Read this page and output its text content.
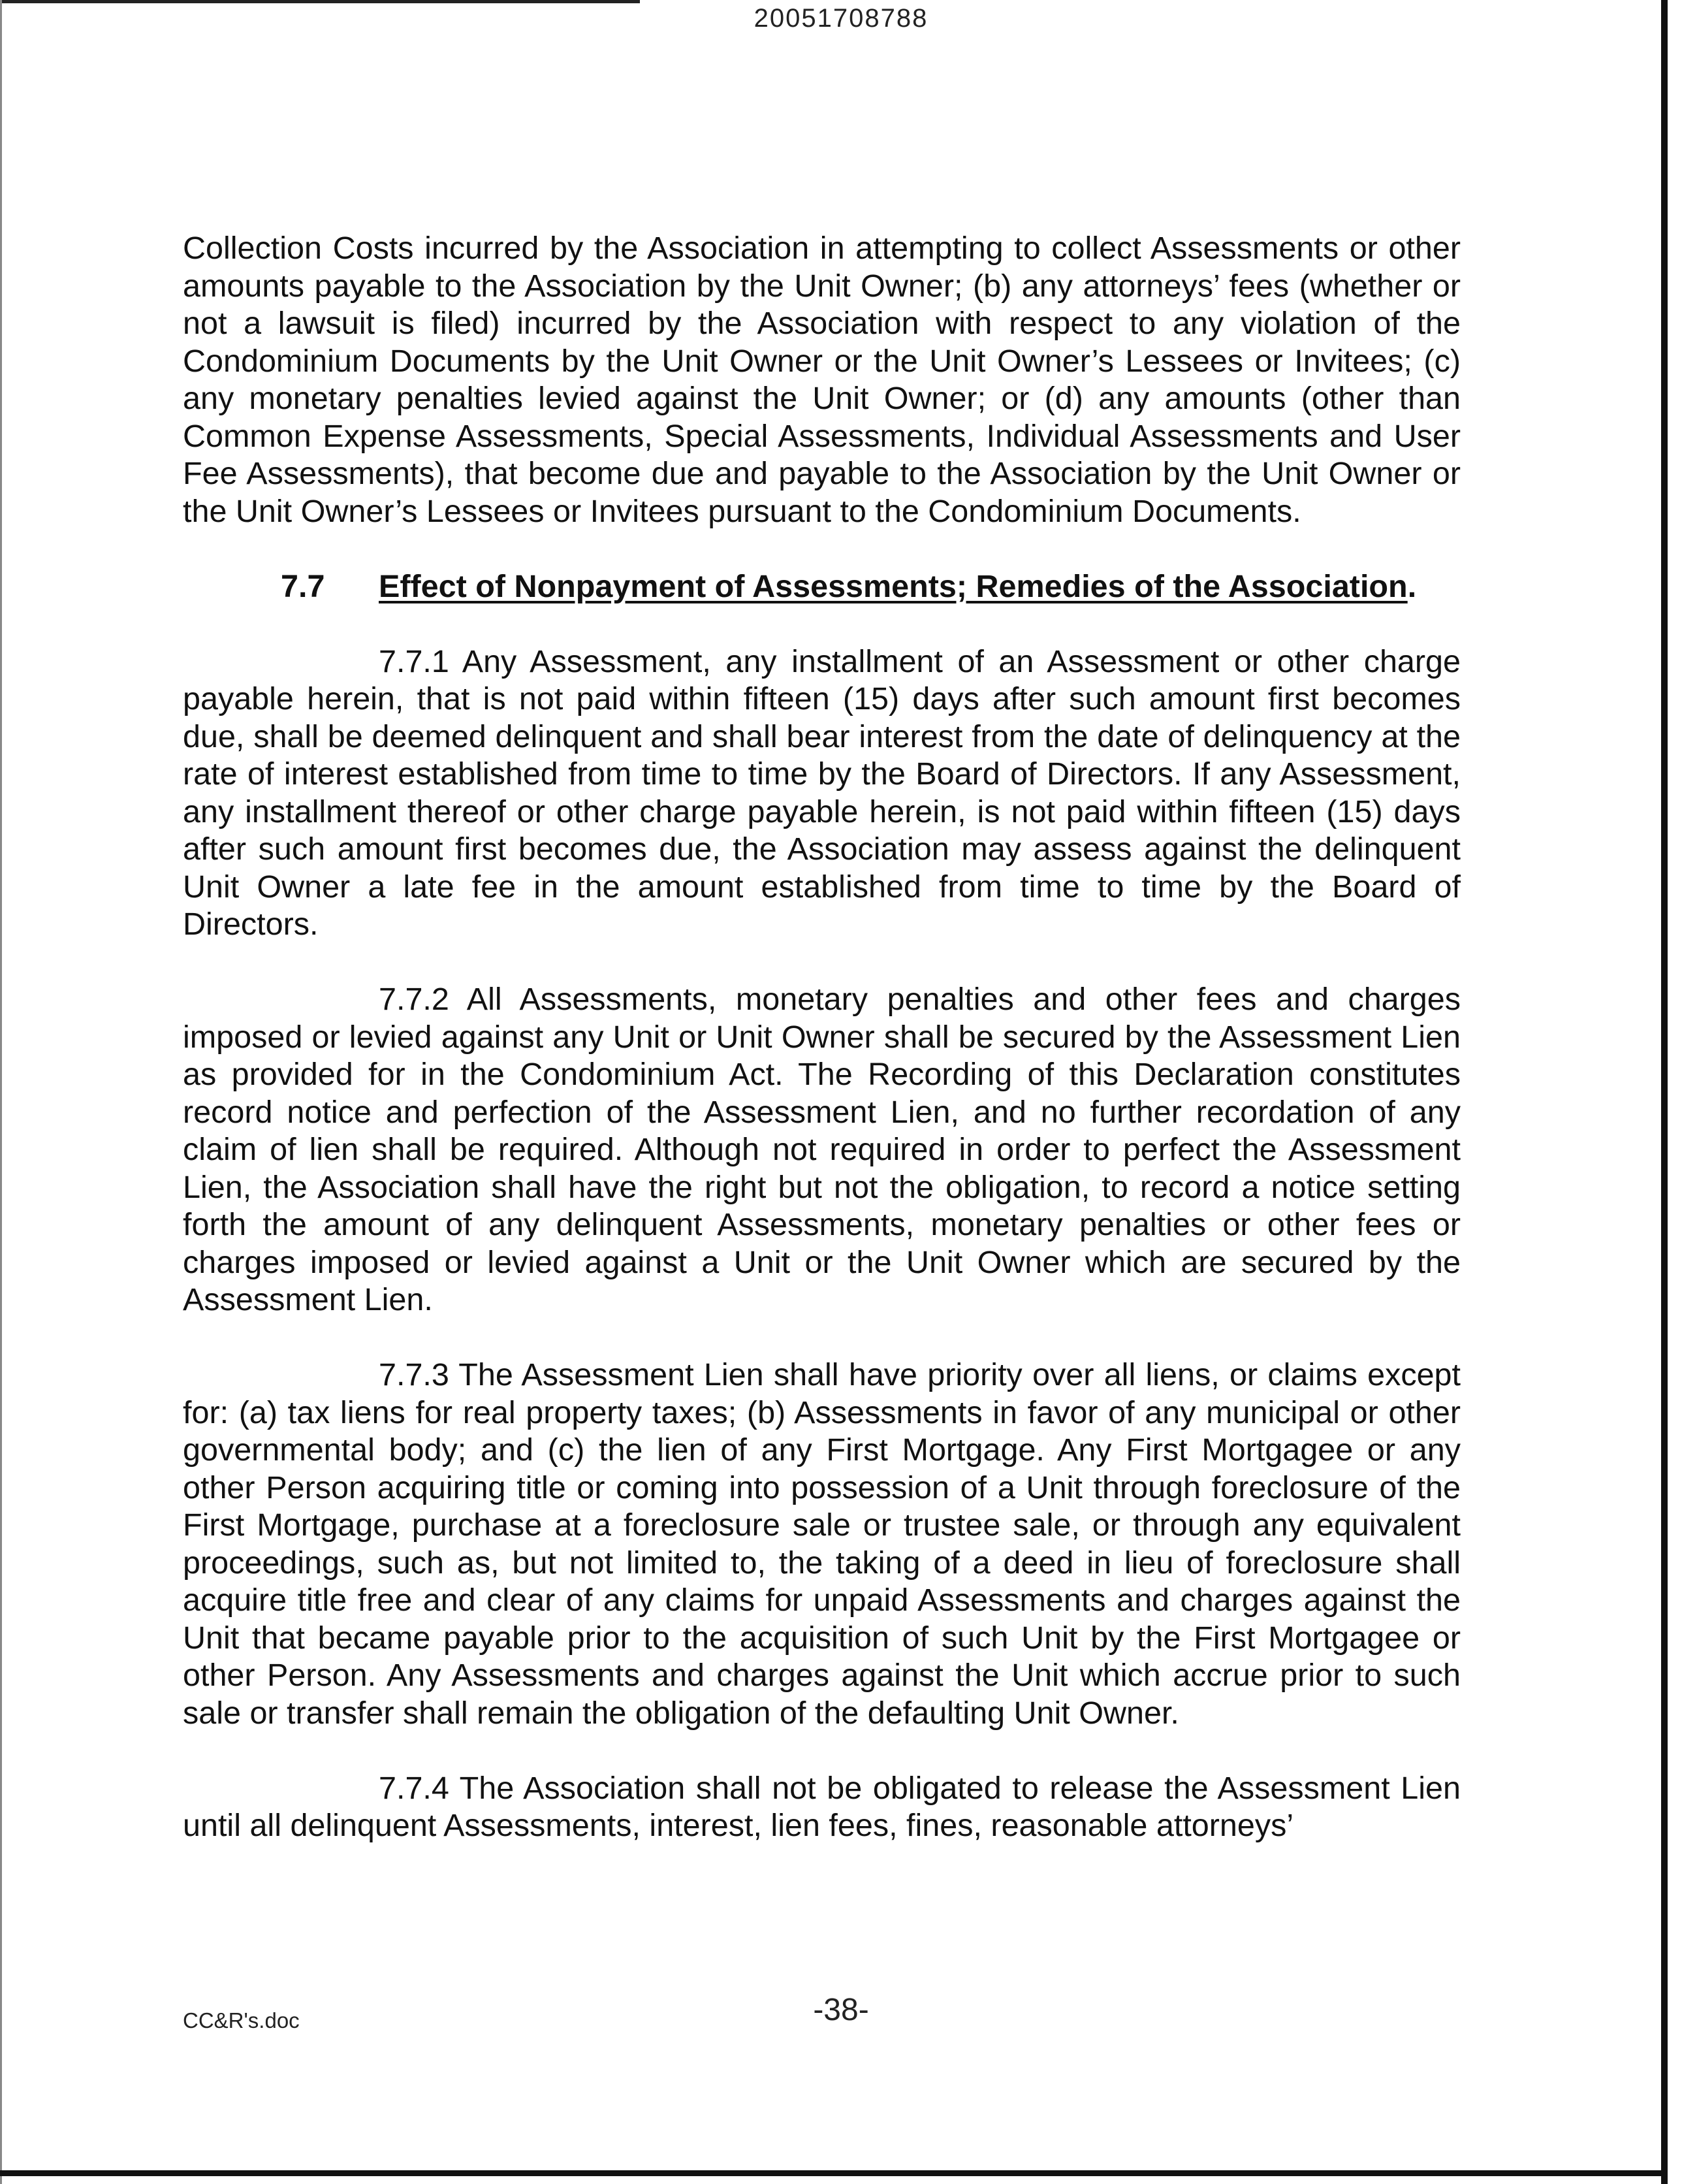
20051708788

Collection Costs incurred by the Association in attempting to collect Assessments or other amounts payable to the Association by the Unit Owner; (b) any attorneys’ fees (whether or not a lawsuit is filed) incurred by the Association with respect to any violation of the Condominium Documents by the Unit Owner or the Unit Owner’s Lessees or Invitees; (c) any monetary penalties levied against the Unit Owner; or (d) any amounts (other than Common Expense Assessments, Special Assessments, Individual Assessments and User Fee Assessments), that become due and payable to the Association by the Unit Owner or the Unit Owner’s Lessees or Invitees pursuant to the Condominium Documents.

7.7 Effect of Nonpayment of Assessments; Remedies of the Association.

7.7.1 Any Assessment, any installment of an Assessment or other charge payable herein, that is not paid within fifteen (15) days after such amount first becomes due, shall be deemed delinquent and shall bear interest from the date of delinquency at the rate of interest established from time to time by the Board of Directors. If any Assessment, any installment thereof or other charge payable herein, is not paid within fifteen (15) days after such amount first becomes due, the Association may assess against the delinquent Unit Owner a late fee in the amount established from time to time by the Board of Directors.

7.7.2 All Assessments, monetary penalties and other fees and charges imposed or levied against any Unit or Unit Owner shall be secured by the Assessment Lien as provided for in the Condominium Act. The Recording of this Declaration constitutes record notice and perfection of the Assessment Lien, and no further recordation of any claim of lien shall be required. Although not required in order to perfect the Assessment Lien, the Association shall have the right but not the obligation, to record a notice setting forth the amount of any delinquent Assessments, monetary penalties or other fees or charges imposed or levied against a Unit or the Unit Owner which are secured by the Assessment Lien.

7.7.3 The Assessment Lien shall have priority over all liens, or claims except for: (a) tax liens for real property taxes; (b) Assessments in favor of any municipal or other governmental body; and (c) the lien of any First Mortgage. Any First Mortgagee or any other Person acquiring title or coming into possession of a Unit through foreclosure of the First Mortgage, purchase at a foreclosure sale or trustee sale, or through any equivalent proceedings, such as, but not limited to, the taking of a deed in lieu of foreclosure shall acquire title free and clear of any claims for unpaid Assessments and charges against the Unit that became payable prior to the acquisition of such Unit by the First Mortgagee or other Person. Any Assessments and charges against the Unit which accrue prior to such sale or transfer shall remain the obligation of the defaulting Unit Owner.

7.7.4 The Association shall not be obligated to release the Assessment Lien until all delinquent Assessments, interest, lien fees, fines, reasonable attorneys’

-38-
CC&R's.doc
